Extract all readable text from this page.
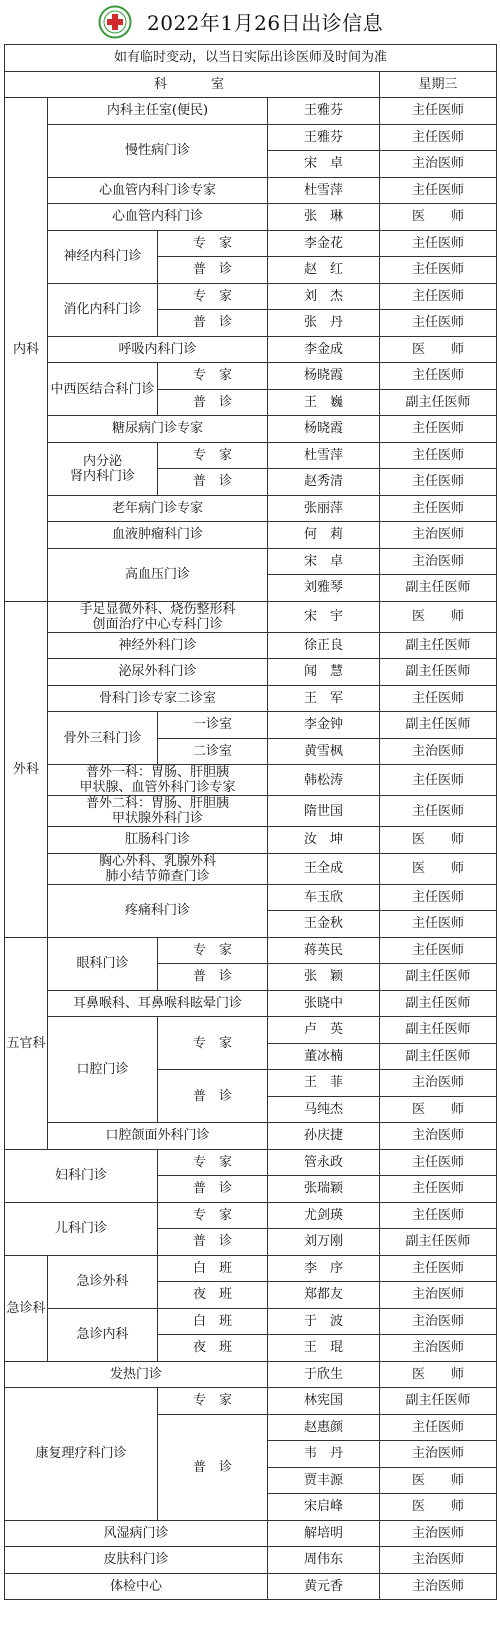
2022年1月26日出诊信息
如有临时变动，以当日实际出诊医师及时间为准				
科　　室				星期三
内科	内科主任室(便民)		王雅芬	主任医师
	慢性病门诊		王雅芬	主任医师
			宋　卓	主治医师
	心血管内科门诊专家		杜雪萍	主任医师
	心血管内科门诊		张　琳	医　　师
	神经内科门诊	专　家	李金花	主任医师
		普　诊	赵　红	主任医师
	消化内科门诊	专　家	刘　杰	主任医师
		普　诊	张　丹	主任医师
	呼吸内科门诊		李金成	医　　师
	中西医结合科门诊	专　家	杨晓霞	主任医师
		普　诊	王　巍	副主任医师
	糖尿病门诊专家		杨晓霞	主任医师
	内分泌
肾内科门诊	专　家	杜雪萍	主任医师
		普　诊	赵秀清	主任医师
	老年病门诊专家		张丽萍	主任医师
	血液肿瘤科门诊		何　莉	主治医师
	高血压门诊		宋　卓	主治医师
			刘雅琴	副主任医师
外科	手足显微外科、烧伤整形科
创面治疗中心专科门诊		宋　宇	医　　师
	神经外科门诊		徐正良	副主任医师
	泌尿外科门诊		闻　慧	副主任医师
	骨科门诊专家二诊室		王　军	主任医师
	骨外三科门诊	一诊室	李金钟	副主任医师
		二诊室	黄雪枫	主治医师
	普外一科：胃肠、肝胆胰
甲状腺、血管外科门诊专家		韩松涛	主任医师
	普外二科：胃肠、肝胆胰
甲状腺外科门诊		隋世国	主任医师
	肛肠科门诊		汝　坤	医　　师
	胸心外科、乳腺外科
肺小结节筛查门诊		王全成	医　　师
	疼痛科门诊		车玉欣	主任医师
			王金秋	主任医师
五官科	眼科门诊	专　家	蒋英民	主任医师
		普　诊	张　颖	副主任医师
	耳鼻喉科、耳鼻喉科眩晕门诊		张晓中	副主任医师
	口腔门诊	专　家	卢　英	副主任医师
			董冰楠	副主任医师
		普　诊	王　菲	主治医师
			马纯杰	医　　师
	口腔颌面外科门诊		孙庆捷	主治医师
妇科门诊		专　家	管永政	主任医师
		普　诊	张瑞颖	主任医师
儿科门诊		专　家	尤剑瑛	主任医师
		普　诊	刘万刚	副主任医师
急诊科	急诊外科	白　班	李　序	主任医师
		夜　班	郑都友	主治医师
	急诊内科	白　班	于　波	主治医师
		夜　班	王　琨	主治医师
发热门诊			于欣生	医　　师
康复理疗科门诊		专　家	林宪国	副主任医师
		普　诊	赵惠颜	主任医师
			韦　丹	主治医师
			贾丰源	医　　师
			宋启峰	医　　师
风湿病门诊			解培明	主治医师
皮肤科门诊			周伟东	主治医师
体检中心			黄元香	主治医师
